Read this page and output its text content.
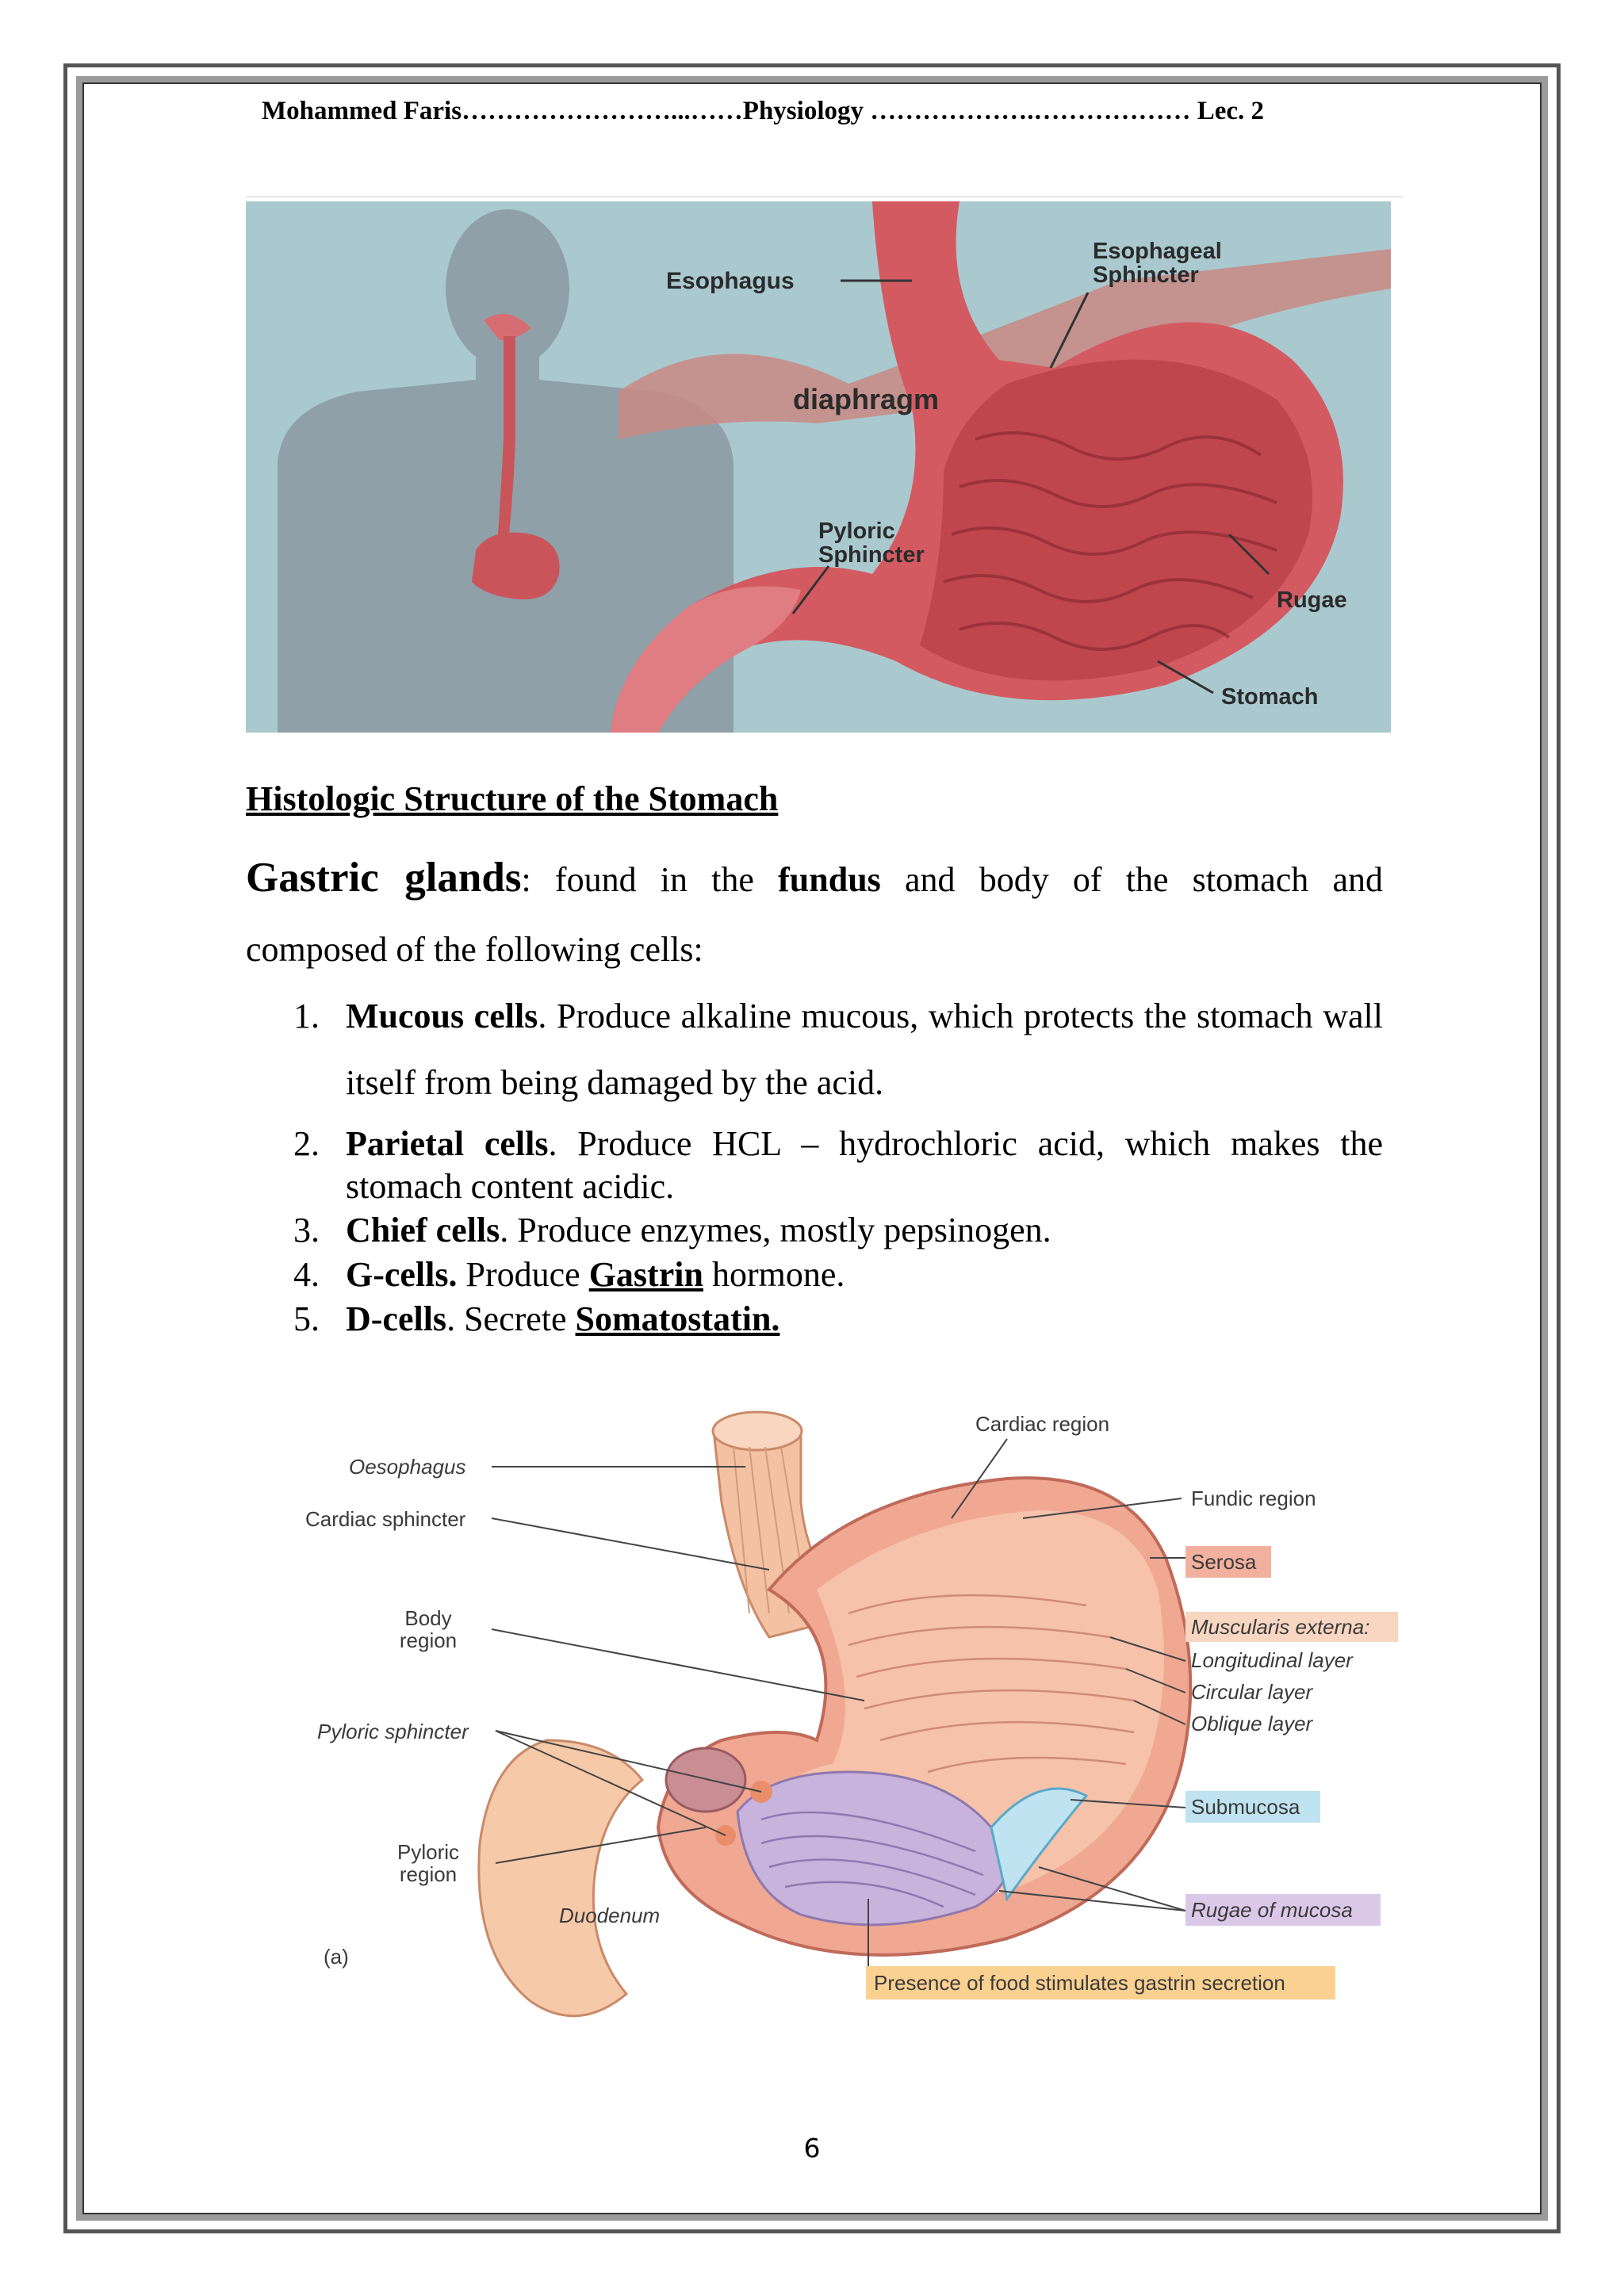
Mohammed Faris……………………...……Physiology ……………….……………… Lec. 2
Esophagus
Esophageal
Sphincter
diaphragm
Pyloric
Sphincter
Rugae
Stomach
Histologic Structure of the Stomach
Gastric glands: found in the fundus and body of the stomach and
composed of the following cells:
1. Mucous cells. Produce alkaline mucous, which protects the stomach wall itself from being damaged by the acid.
2. Parietal cells. Produce HCL – hydrochloric acid, which makes the stomach content acidic.
3. Chief cells. Produce enzymes, mostly pepsinogen.
4. G-cells. Produce Gastrin hormone.
5. D-cells. Secrete Somatostatin.
Oesophagus
Cardiac sphincter
Body
region
Pyloric sphincter
Pyloric
region
Duodenum
(a)
Cardiac region
Fundic region
Serosa
Muscularis externa:
Longitudinal layer
Circular layer
Oblique layer
Submucosa
Rugae of mucosa
Presence of food stimulates gastrin secretion
6
